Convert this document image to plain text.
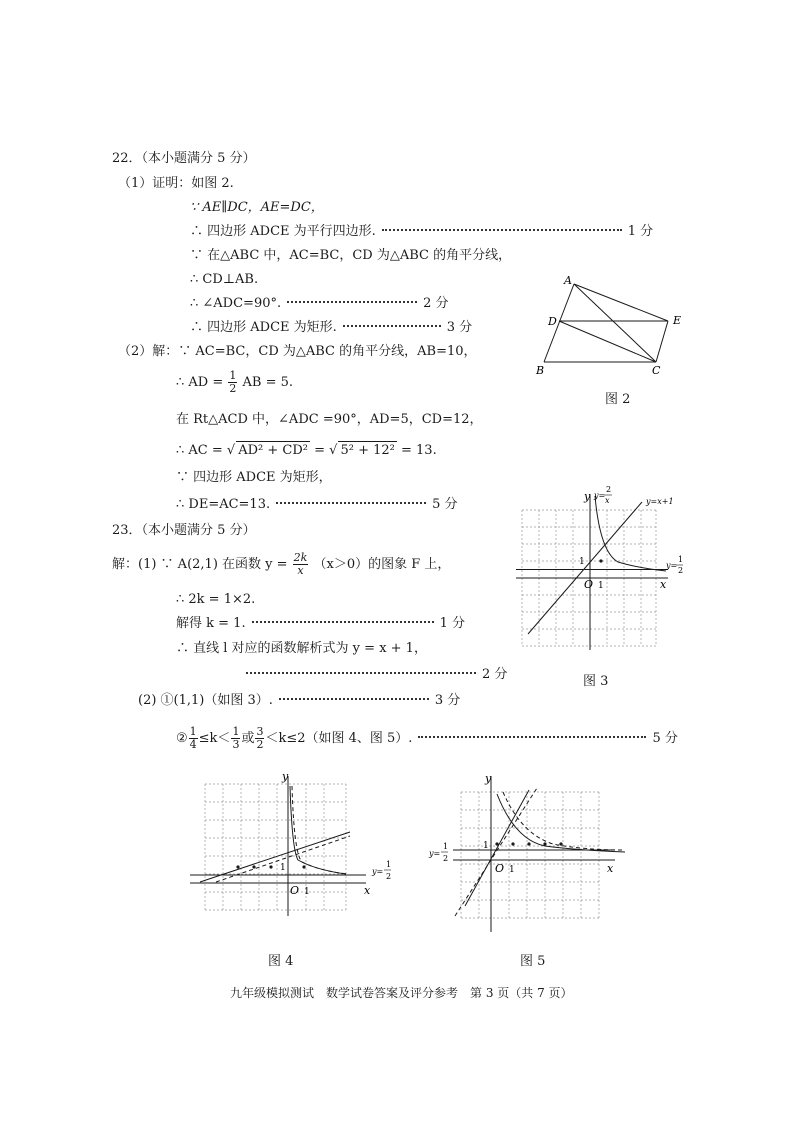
22．（本小题满分 5 分）
（1）证明：如图 2.
∵ AE∥DC，AE=DC，
∴ 四边形 ADCE 为平行四边形.	1 分
∵ 在△ABC 中，AC=BC，CD 为△ABC 的角平分线，
∴ CD⊥AB.
∴ ∠ADC=90°.	2 分
∴ 四边形 ADCE 为矩形.	3 分
（2）解：∵ AC=BC，CD 为△ABC 的角平分线，AB=10，
∴ AD = $\frac{1}{2}$ AB = 5.
在 Rt△ACD 中，∠ADC =90°，AD=5，CD=12，
∴ AC = √ AD² + CD² = √ 5² + 12² = 13.
∵ 四边形 ADCE 为矩形，
∴ DE=AC=13.	5 分
A
B	C
D	E
图 2
23．（本小题满分 5 分）
解：(1) ∵ A(2,1) 在函数 $y = \frac{2k}{x} (x>0)$的图象 F 上，
∴ 2k = 1×2.
解得 k = 1.	1 分
∴ 直线 l 对应的函数解析式为 y = x + 1，
2 分
(2) ①(1,1)（如图 3）.	3 分
② $\frac{1}{4} \le k< \frac{1}{3}$ 或 $\frac{3}{2} <k\le 2$（如图 4、图 5）.	5 分
y
x
O 1
1
y=
2
x	y=x+1
y=
1
2
图 3
y
x
O 1
1	y=
1
2
图 4
y
x
O 1
1
y=
1
2
图 5
九年级模拟测试　数学试卷答案及评分参考　第 3 页（共 7 页）
